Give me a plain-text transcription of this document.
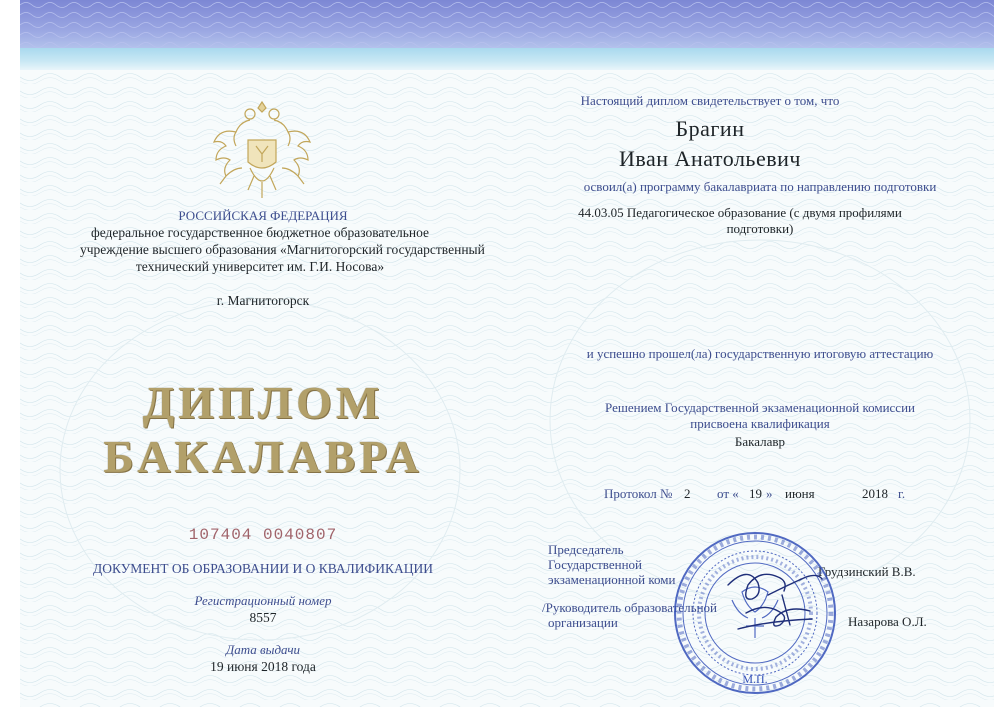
РОССИЙСКАЯ ФЕДЕРАЦИЯ

федеральное государственное бюджетное образовательное

учреждение высшего образования «Магнитогорский государственный

технический университет им. Г.И. Носова»

г. Магнитогорск

ДИПЛОМ

БАКАЛАВРА

107404 0040807

ДОКУМЕНТ ОБ ОБРАЗОВАНИИ И О КВАЛИФИКАЦИИ

Регистрационный номер

8557

Дата выдачи

19 июня 2018 года

Настоящий диплом свидетельствует о том, что

Брагин

Иван Анатольевич

освоил(а) программу бакалавриата по направлению подготовки

44.03.05 Педагогическое образование (с двумя профилями

подготовки)

и успешно прошел(ла) государственную итоговую аттестацию

Решением Государственной экзаменационной комиссии

присвоена квалификация

Бакалавр

Протокол № 2 от « 19 » июня	2018 г.

Председатель

Государственной

экзаменационной коми

Грудзинский В.В.

/Руководитель образовательной

организации	Назарова О.Л.

М.П.
